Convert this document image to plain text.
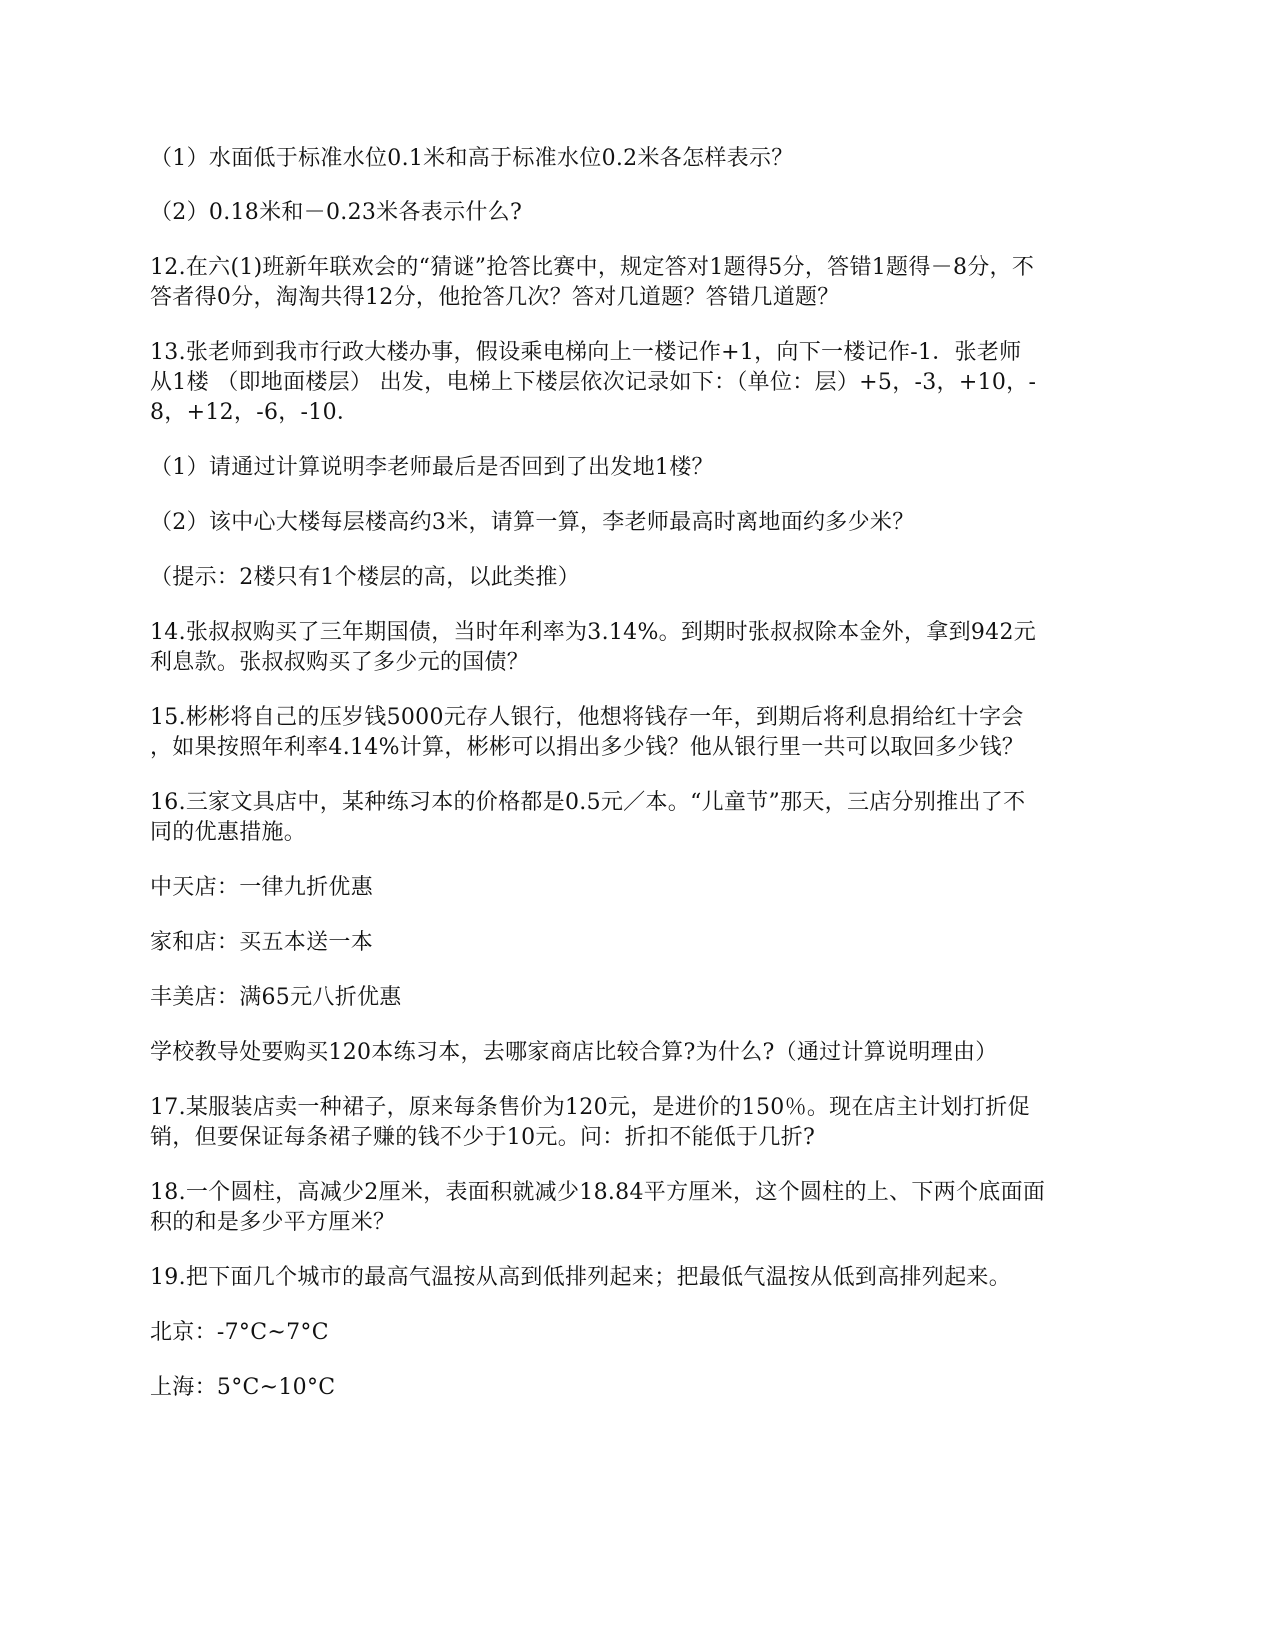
（1）水面低于标准水位0.1米和高于标准水位0.2米各怎样表示？
（2）0.18米和－0.23米各表示什么?
12.在六(1)班新年联欢会的“猜谜”抢答比赛中，规定答对1题得5分，答错1题得－8分，不
答者得0分，淘淘共得12分，他抢答几次？答对几道题？答错几道题？
13.张老师到我市行政大楼办事，假设乘电梯向上一楼记作+1，向下一楼记作-1．张老师
从1楼 （即地面楼层） 出发，电梯上下楼层依次记录如下：（单位：层）+5，-3，+10，-
8，+12，-6，-10．
（1）请通过计算说明李老师最后是否回到了出发地1楼？
（2）该中心大楼每层楼高约3米，请算一算，李老师最高时离地面约多少米？
（提示：2楼只有1个楼层的高，以此类推）
14.张叔叔购买了三年期国债，当时年利率为3.14%。到期时张叔叔除本金外，拿到942元
利息款。张叔叔购买了多少元的国债？
15.彬彬将自己的压岁钱5000元存人银行，他想将钱存一年，到期后将利息捐给红十字会
，如果按照年利率4.14%计算，彬彬可以捐出多少钱？他从银行里一共可以取回多少钱？
16.三家文具店中，某种练习本的价格都是0.5元／本。“儿童节”那天，三店分别推出了不
同的优惠措施。
中天店：一律九折优惠
家和店：买五本送一本
丰美店：满65元八折优惠
学校教导处要购买120本练习本，去哪家商店比较合算?为什么?（通过计算说明理由）
17.某服装店卖一种裙子，原来每条售价为120元，是进价的150％。现在店主计划打折促
销，但要保证每条裙子赚的钱不少于10元。问：折扣不能低于几折?
18.一个圆柱，高减少2厘米，表面积就减少18.84平方厘米，这个圆柱的上、下两个底面面
积的和是多少平方厘米？
19.把下面几个城市的最高气温按从高到低排列起来；把最低气温按从低到高排列起来。
北京：-7°C~7°C
上海：5°C~10°C
